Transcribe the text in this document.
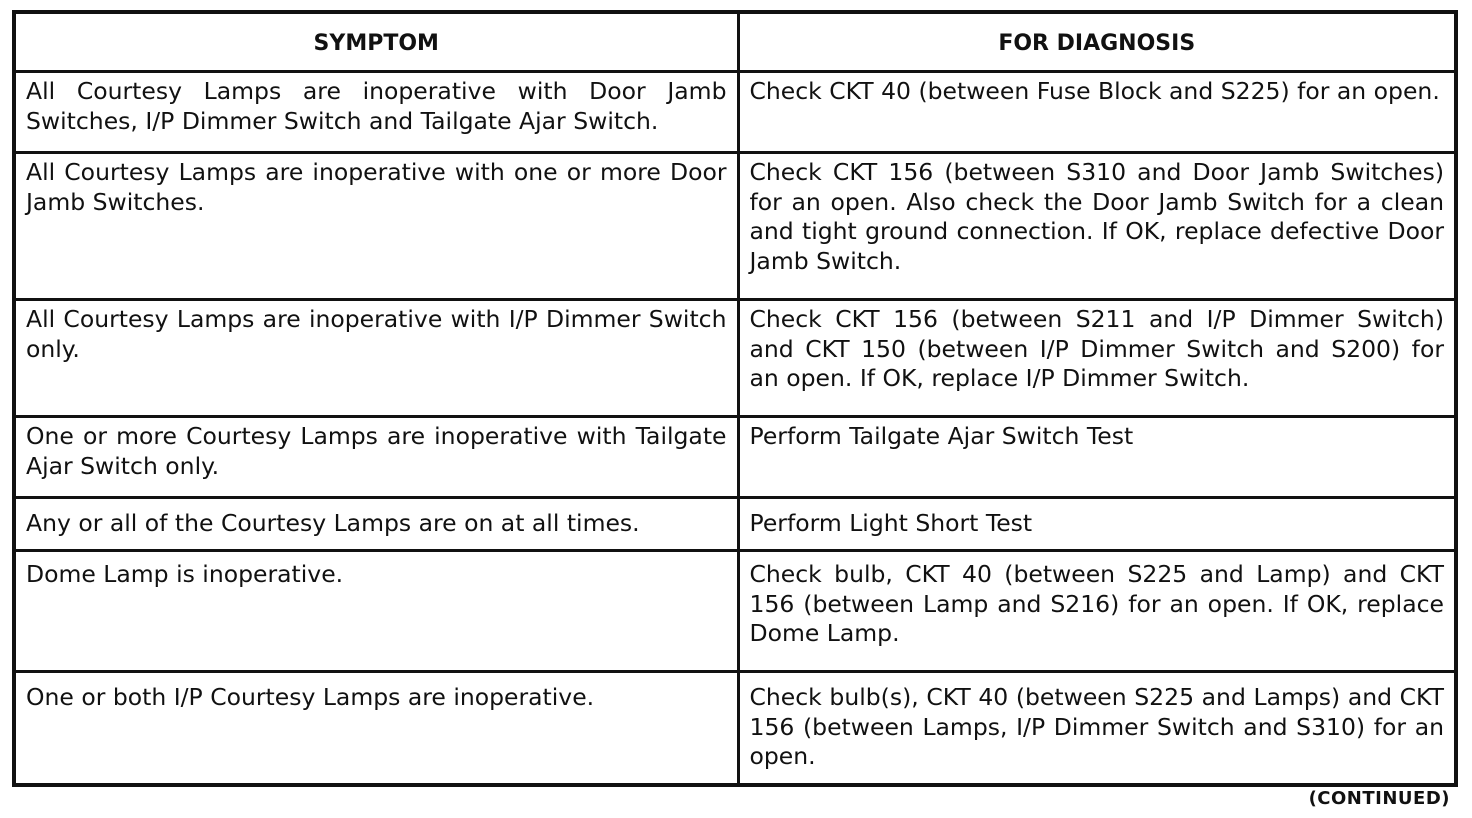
SYMPTOM	FOR DIAGNOSIS
All Courtesy Lamps are inoperative with Door Jamb Switches, I/P Dimmer Switch and Tailgate Ajar Switch.	Check CKT 40 (between Fuse Block and S225) for an open.
All Courtesy Lamps are inoperative with one or more Door Jamb Switches.	Check CKT 156 (between S310 and Door Jamb Switches) for an open. Also check the Door Jamb Switch for a clean and tight ground connection. If OK, replace defective Door Jamb Switch.
All Courtesy Lamps are inoperative with I/P Dimmer Switch only.	Check CKT 156 (between S211 and I/P Dimmer Switch) and CKT 150 (between I/P Dimmer Switch and S200) for an open. If OK, replace I/P Dimmer Switch.
One or more Courtesy Lamps are inoperative with Tailgate Ajar Switch only.	Perform Tailgate Ajar Switch Test
Any or all of the Courtesy Lamps are on at all times.	Perform Light Short Test
Dome Lamp is inoperative.	Check bulb, CKT 40 (between S225 and Lamp) and CKT 156 (between Lamp and S216) for an open. If OK, replace Dome Lamp.
One or both I/P Courtesy Lamps are inoperative.	Check bulb(s), CKT 40 (between S225 and Lamps) and CKT 156 (between Lamps, I/P Dimmer Switch and S310) for an open.
(CONTINUED)
